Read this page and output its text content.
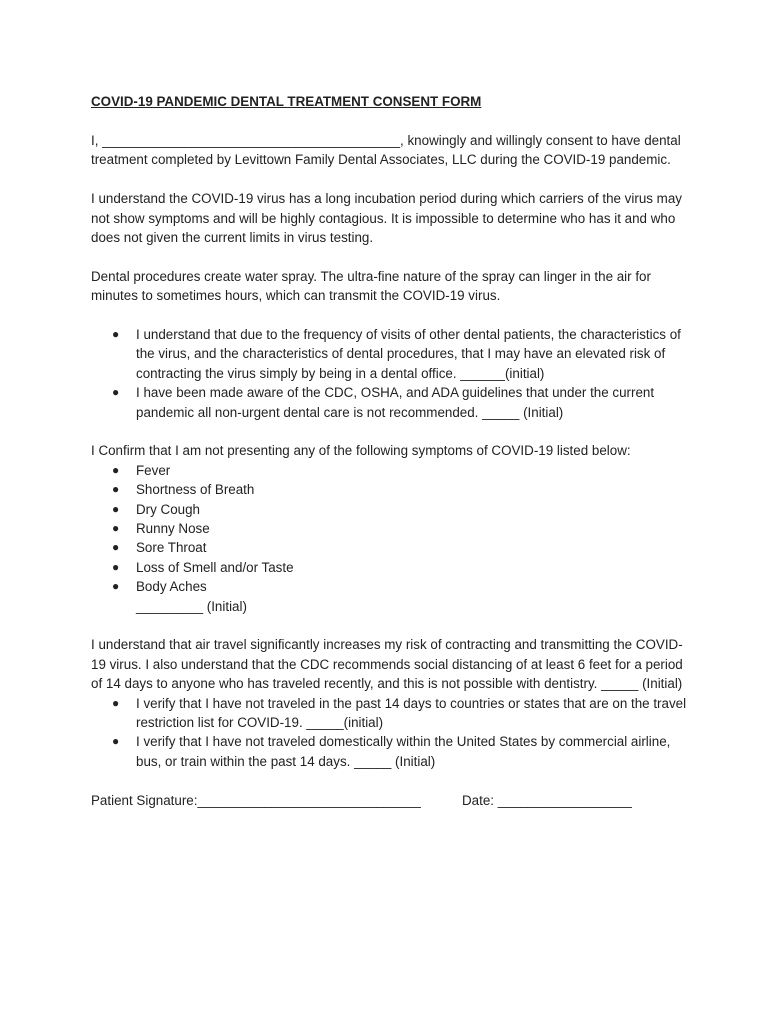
COVID-19 PANDEMIC DENTAL TREATMENT CONSENT FORM

I, ________________________________________, knowingly and willingly consent to have dental treatment completed by Levittown Family Dental Associates, LLC during the COVID-19 pandemic.

I understand the COVID-19 virus has a long incubation period during which carriers of the virus may not show symptoms and will be highly contagious. It is impossible to determine who has it and who does not given the current limits in virus testing.

Dental procedures create water spray. The ultra-fine nature of the spray can linger in the air for minutes to sometimes hours, which can transmit the COVID-19 virus.

● I understand that due to the frequency of visits of other dental patients, the characteristics of the virus, and the characteristics of dental procedures, that I may have an elevated risk of contracting the virus simply by being in a dental office. ______(initial)
● I have been made aware of the CDC, OSHA, and ADA guidelines that under the current pandemic all non-urgent dental care is not recommended. _____ (Initial)
I Confirm that I am not presenting any of the following symptoms of COVID-19 listed below:
● Fever
● Shortness of Breath
● Dry Cough
● Runny Nose
● Sore Throat
● Loss of Smell and/or Taste
● Body Aches
_________ (Initial)
I understand that air travel significantly increases my risk of contracting and transmitting the COVID-19 virus. I also understand that the CDC recommends social distancing of at least 6 feet for a period of 14 days to anyone who has traveled recently, and this is not possible with dentistry. _____ (Initial)
● I verify that I have not traveled in the past 14 days to countries or states that are on the travel restriction list for COVID-19. _____(initial)
● I verify that I have not traveled domestically within the United States by commercial airline, bus, or train within the past 14 days. _____ (Initial)
Patient Signature:______________________________	Date: __________________
